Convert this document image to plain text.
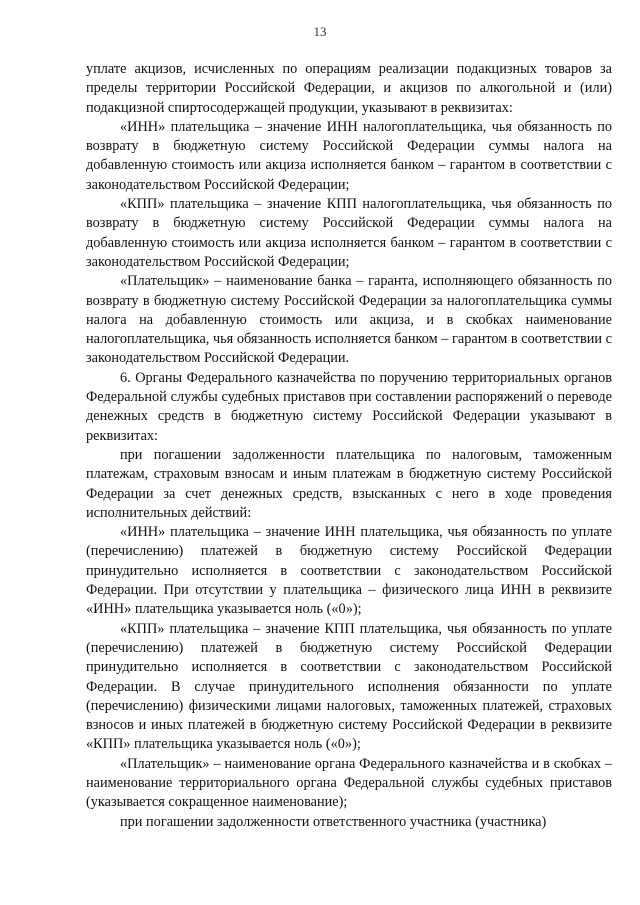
13

уплате акцизов, исчисленных по операциям реализации подакцизных товаров за пределы территории Российской Федерации, и акцизов по алкогольной и (или) подакцизной спиртосодержащей продукции, указывают в реквизитах:

«ИНН» плательщика – значение ИНН налогоплательщика, чья обязанность по возврату в бюджетную систему Российской Федерации суммы налога на добавленную стоимость или акциза исполняется банком – гарантом в соответствии с законодательством Российской Федерации;

«КПП» плательщика – значение КПП налогоплательщика, чья обязанность по возврату в бюджетную систему Российской Федерации суммы налога на добавленную стоимость или акциза исполняется банком – гарантом в соответствии с законодательством Российской Федерации;

«Плательщик» – наименование банка – гаранта, исполняющего обязанность по возврату в бюджетную систему Российской Федерации за налогоплательщика суммы налога на добавленную стоимость или акциза, и в скобках наименование налогоплательщика, чья обязанность исполняется банком – гарантом в соответствии с законодательством Российской Федерации.

6. Органы Федерального казначейства по поручению территориальных органов Федеральной службы судебных приставов при составлении распоряжений о переводе денежных средств в бюджетную систему Российской Федерации указывают в реквизитах:

при погашении задолженности плательщика по налоговым, таможенным платежам, страховым взносам и иным платежам в бюджетную систему Российской Федерации за счет денежных средств, взысканных с него в ходе проведения исполнительных действий:

«ИНН» плательщика – значение ИНН плательщика, чья обязанность по уплате (перечислению) платежей в бюджетную систему Российской Федерации принудительно исполняется в соответствии с законодательством Российской Федерации. При отсутствии у плательщика – физического лица ИНН в реквизите «ИНН» плательщика указывается ноль («0»);

«КПП» плательщика – значение КПП плательщика, чья обязанность по уплате (перечислению) платежей в бюджетную систему Российской Федерации принудительно исполняется в соответствии с законодательством Российской Федерации. В случае принудительного исполнения обязанности по уплате (перечислению) физическими лицами налоговых, таможенных платежей, страховых взносов и иных платежей в бюджетную систему Российской Федерации в реквизите «КПП» плательщика указывается ноль («0»);

«Плательщик» – наименование органа Федерального казначейства и в скобках – наименование территориального органа Федеральной службы судебных приставов (указывается сокращенное наименование);

при погашении задолженности ответственного участника (участника)
